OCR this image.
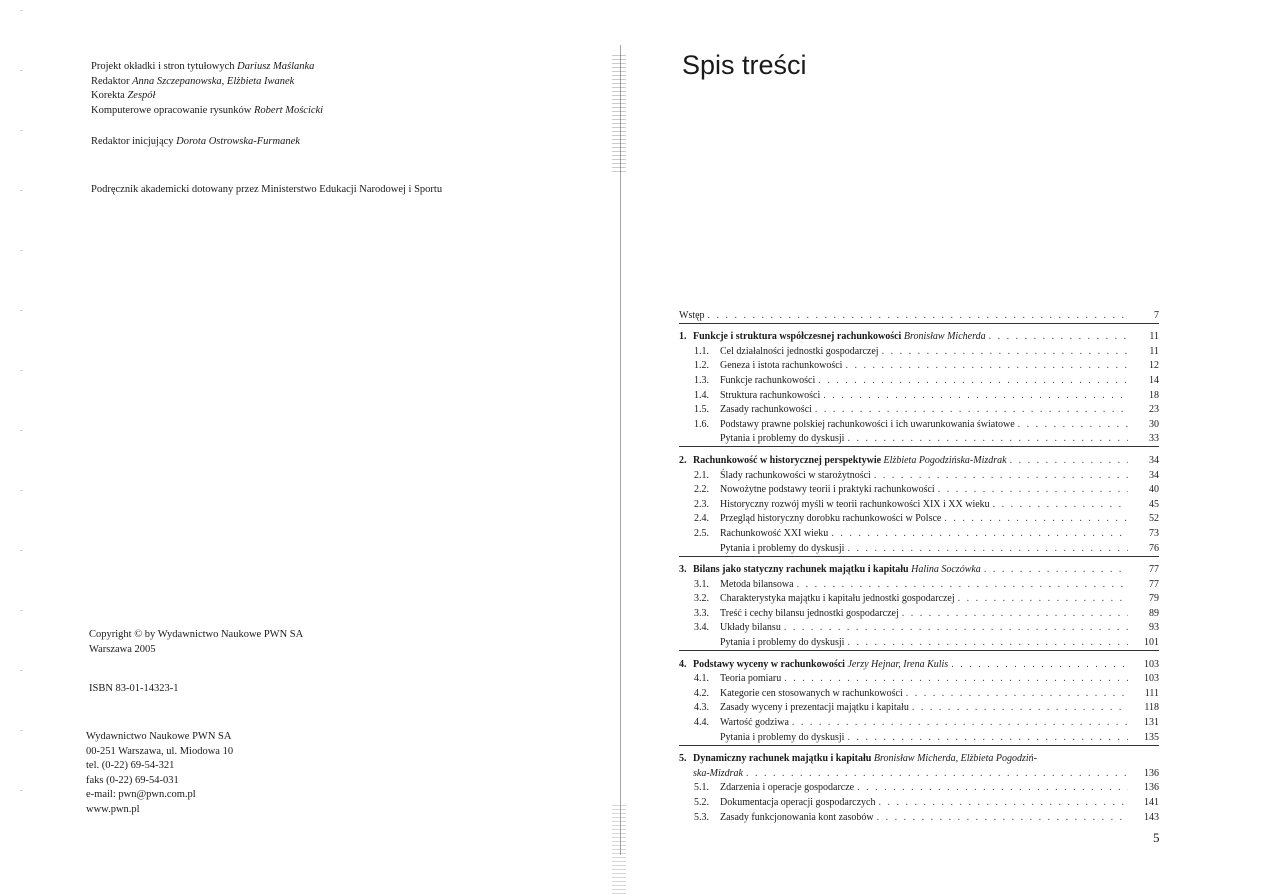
Projekt okładki i stron tytułowych Dariusz Maślanka
Redaktor Anna Szczepanowska, Elżbieta Iwanek
Korekta Zespół
Komputerowe opracowanie rysunków Robert Mościcki
Redaktor inicjujący Dorota Ostrowska-Furmanek
Podręcznik akademicki dotowany przez Ministerstwo Edukacji Narodowej i Sportu
Copyright © by Wydawnictwo Naukowe PWN SA
Warszawa 2005
ISBN 83-01-14323-1
Wydawnictwo Naukowe PWN SA
00-251 Warszawa, ul. Miodowa 10
tel. (0-22) 69-54-321
faks (0-22) 69-54-031
e-mail: pwn@pwn.com.pl
www.pwn.pl
Spis treści
Wstęp . . .	7
1. Funkcje i struktura współczesnej rachunkowości Bronisław Micherda . . .	11
1.1.	Cel działalności jednostki gospodarczej . . .	11
1.2.	Geneza i istota rachunkowości . . .	12
1.3.	Funkcje rachunkowości . . .	14
1.4.	Struktura rachunkowości . . .	18
1.5.	Zasady rachunkowości . . .	23
1.6.	Podstawy prawne polskiej rachunkowości i ich uwarunkowania światowe . . .	30
Pytania i problemy do dyskusji . . .	33
2. Rachunkowość w historycznej perspektywie Elżbieta Pogodzińska-Mizdrak . . .	34
2.1.	Ślady rachunkowości w starożytności . . .	34
2.2.	Nowożytne podstawy teorii i praktyki rachunkowości . . .	40
2.3.	Historyczny rozwój myśli w teorii rachunkowości XIX i XX wieku . . .	45
2.4.	Przegląd historyczny dorobku rachunkowości w Polsce . . .	52
2.5.	Rachunkowość XXI wieku . . .	73
Pytania i problemy do dyskusji . . .	76
3. Bilans jako statyczny rachunek majątku i kapitału Halina Soczówka . . .	77
3.1.	Metoda bilansowa . . .	77
3.2.	Charakterystyka majątku i kapitału jednostki gospodarczej . . .	79
3.3.	Treść i cechy bilansu jednostki gospodarczej . . .	89
3.4.	Układy bilansu . . .	93
Pytania i problemy do dyskusji . . .	101
4. Podstawy wyceny w rachunkowości Jerzy Hejnar, Irena Kulis . . .	103
4.1.	Teoria pomiaru . . .	103
4.2.	Kategorie cen stosowanych w rachunkowości . . .	111
4.3.	Zasady wyceny i prezentacji majątku i kapitału . . .	118
4.4.	Wartość godziwa . . .	131
Pytania i problemy do dyskusji . . .	135
5. Dynamiczny rachunek majątku i kapitału Bronisław Micherda, Elżbieta Pogodziń-
ska-Mizdrak . . .	136
5.1.	Zdarzenia i operacje gospodarcze . . .	136
5.2.	Dokumentacja operacji gospodarczych . . .	141
5.3.	Zasady funkcjonowania kont zasobów . . .	143
5
